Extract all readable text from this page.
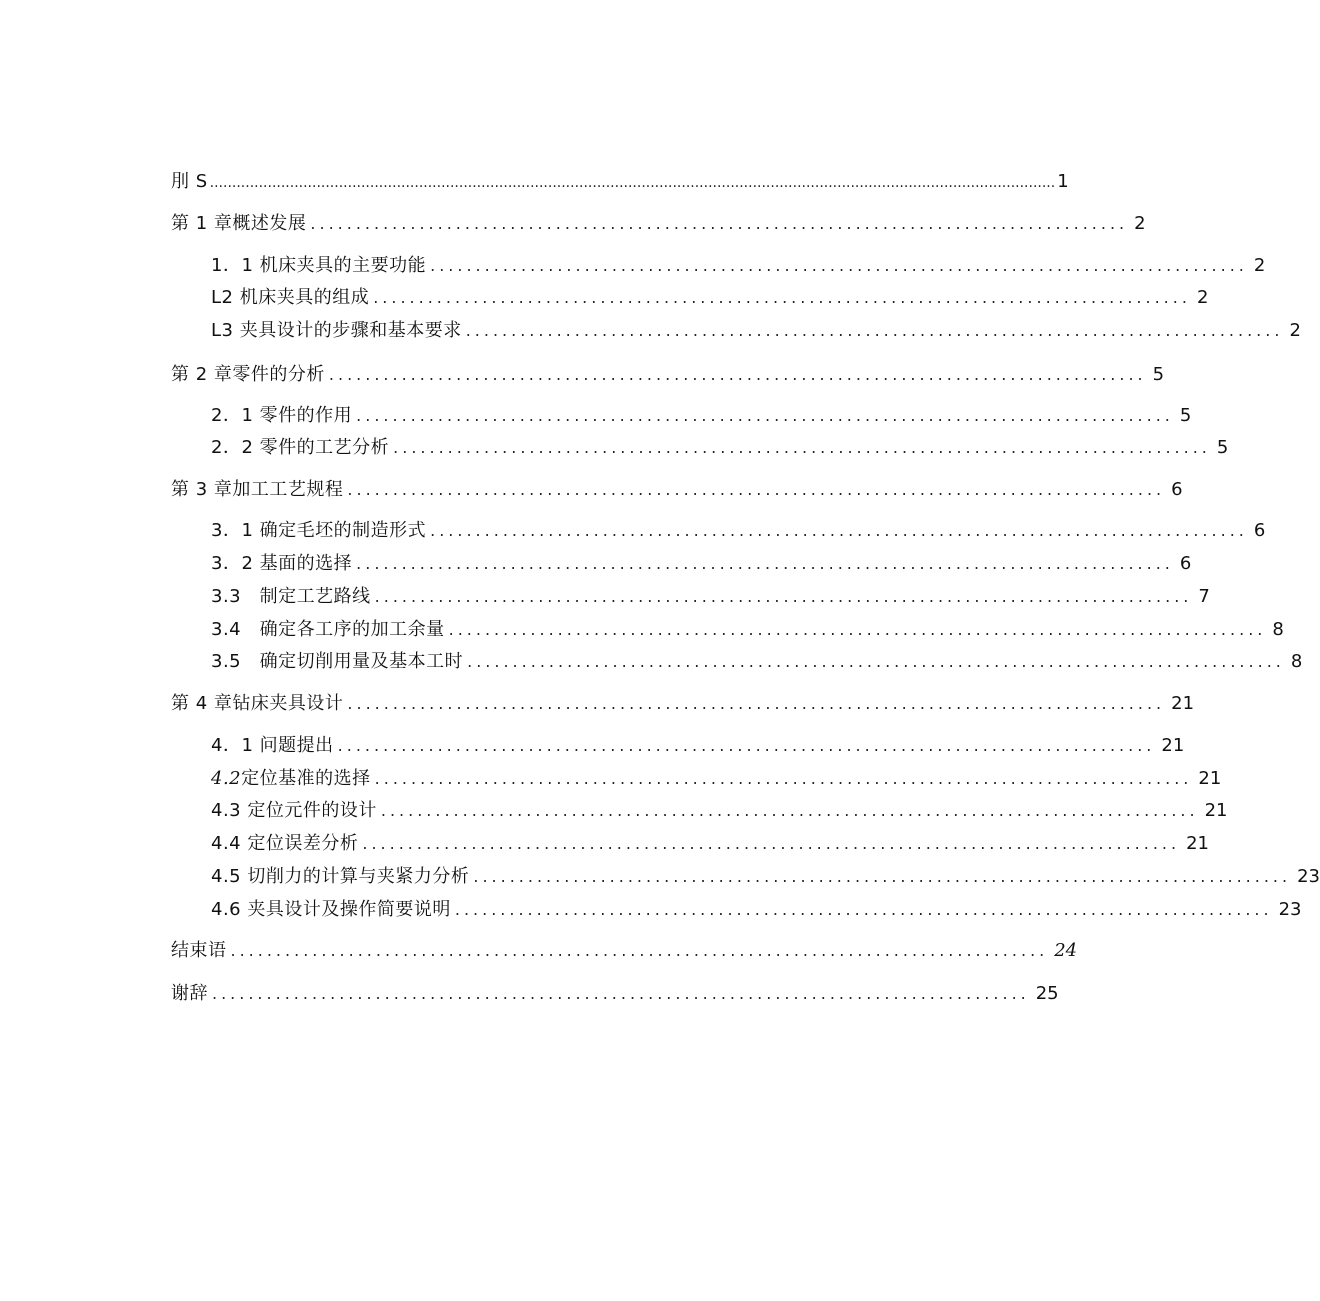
刖 S .............................................................................................................................................................................................. 1
第 1 章概述发展 .......................................................................................... 2
1．1 机床夹具的主要功能 .......................................................................................... 2
L2 机床夹具的组成 .......................................................................................... 2
L3 夹具设计的步骤和基本要求 .......................................................................................... 2
第 2 章零件的分析 .......................................................................................... 5
2．1 零件的作用 .......................................................................................... 5
2．2 零件的工艺分析 .......................................................................................... 5
第 3 章加工工艺规程 .......................................................................................... 6
3．1 确定毛坯的制造形式 .......................................................................................... 6
3．2 基面的选择 .......................................................................................... 6
3.3　制定工艺路线 .......................................................................................... 7
3.4　确定各工序的加工余量 .......................................................................................... 8
3.5　确定切削用量及基本工时 .......................................................................................... 8
第 4 章钻床夹具设计 .......................................................................................... 21
4．1 问题提出 .......................................................................................... 21
4.2定位基准的选择 .......................................................................................... 21
4.3 定位元件的设计 .......................................................................................... 21
4.4 定位误差分析 .......................................................................................... 21
4.5 切削力的计算与夹紧力分析 .......................................................................................... 23
4.6 夹具设计及操作简要说明 .......................................................................................... 23
结束语 .......................................................................................... 24
谢辞 .......................................................................................... 25
